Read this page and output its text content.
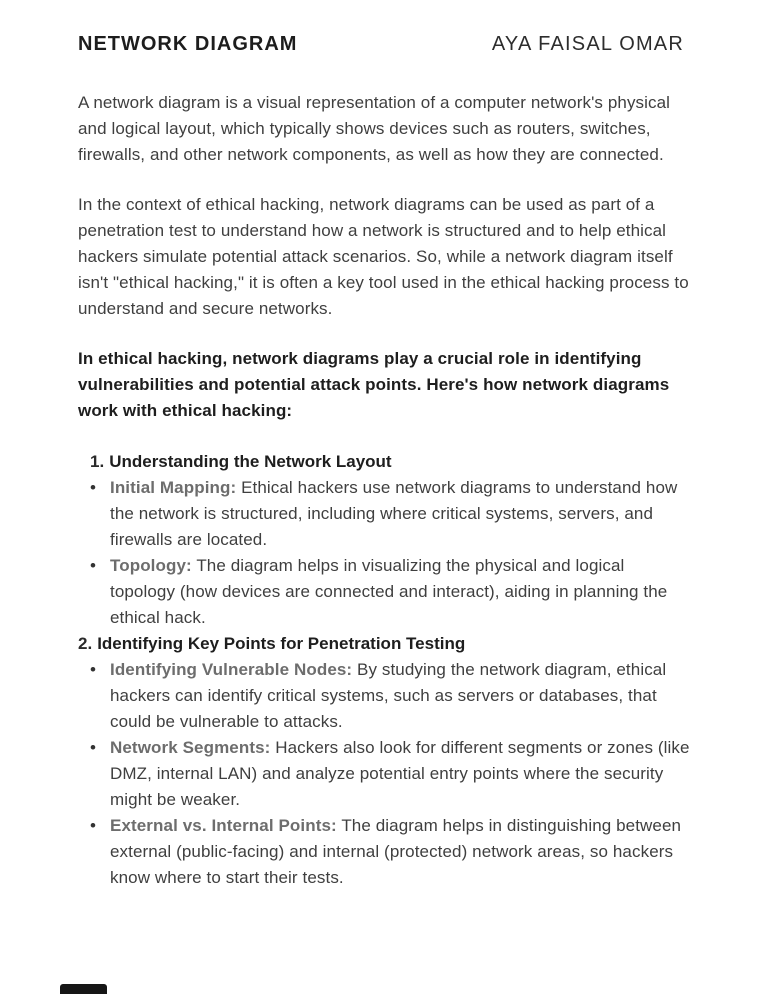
NETWORK DIAGRAM	AYA FAISAL OMAR

A network diagram is a visual representation of a computer network's physical and logical layout, which typically shows devices such as routers, switches, firewalls, and other network components, as well as how they are connected.

In the context of ethical hacking, network diagrams can be used as part of a penetration test to understand how a network is structured and to help ethical hackers simulate potential attack scenarios. So, while a network diagram itself isn't "ethical hacking," it is often a key tool used in the ethical hacking process to understand and secure networks.

In ethical hacking, network diagrams play a crucial role in identifying vulnerabilities and potential attack points. Here's how network diagrams work with ethical hacking:

1. Understanding the Network Layout
• Initial Mapping: Ethical hackers use network diagrams to understand how the network is structured, including where critical systems, servers, and firewalls are located.
• Topology: The diagram helps in visualizing the physical and logical topology (how devices are connected and interact), aiding in planning the ethical hack.
2. Identifying Key Points for Penetration Testing
• Identifying Vulnerable Nodes: By studying the network diagram, ethical hackers can identify critical systems, such as servers or databases, that could be vulnerable to attacks.
• Network Segments: Hackers also look for different segments or zones (like DMZ, internal LAN) and analyze potential entry points where the security might be weaker.
• External vs. Internal Points: The diagram helps in distinguishing between external (public-facing) and internal (protected) network areas, so hackers know where to start their tests.
